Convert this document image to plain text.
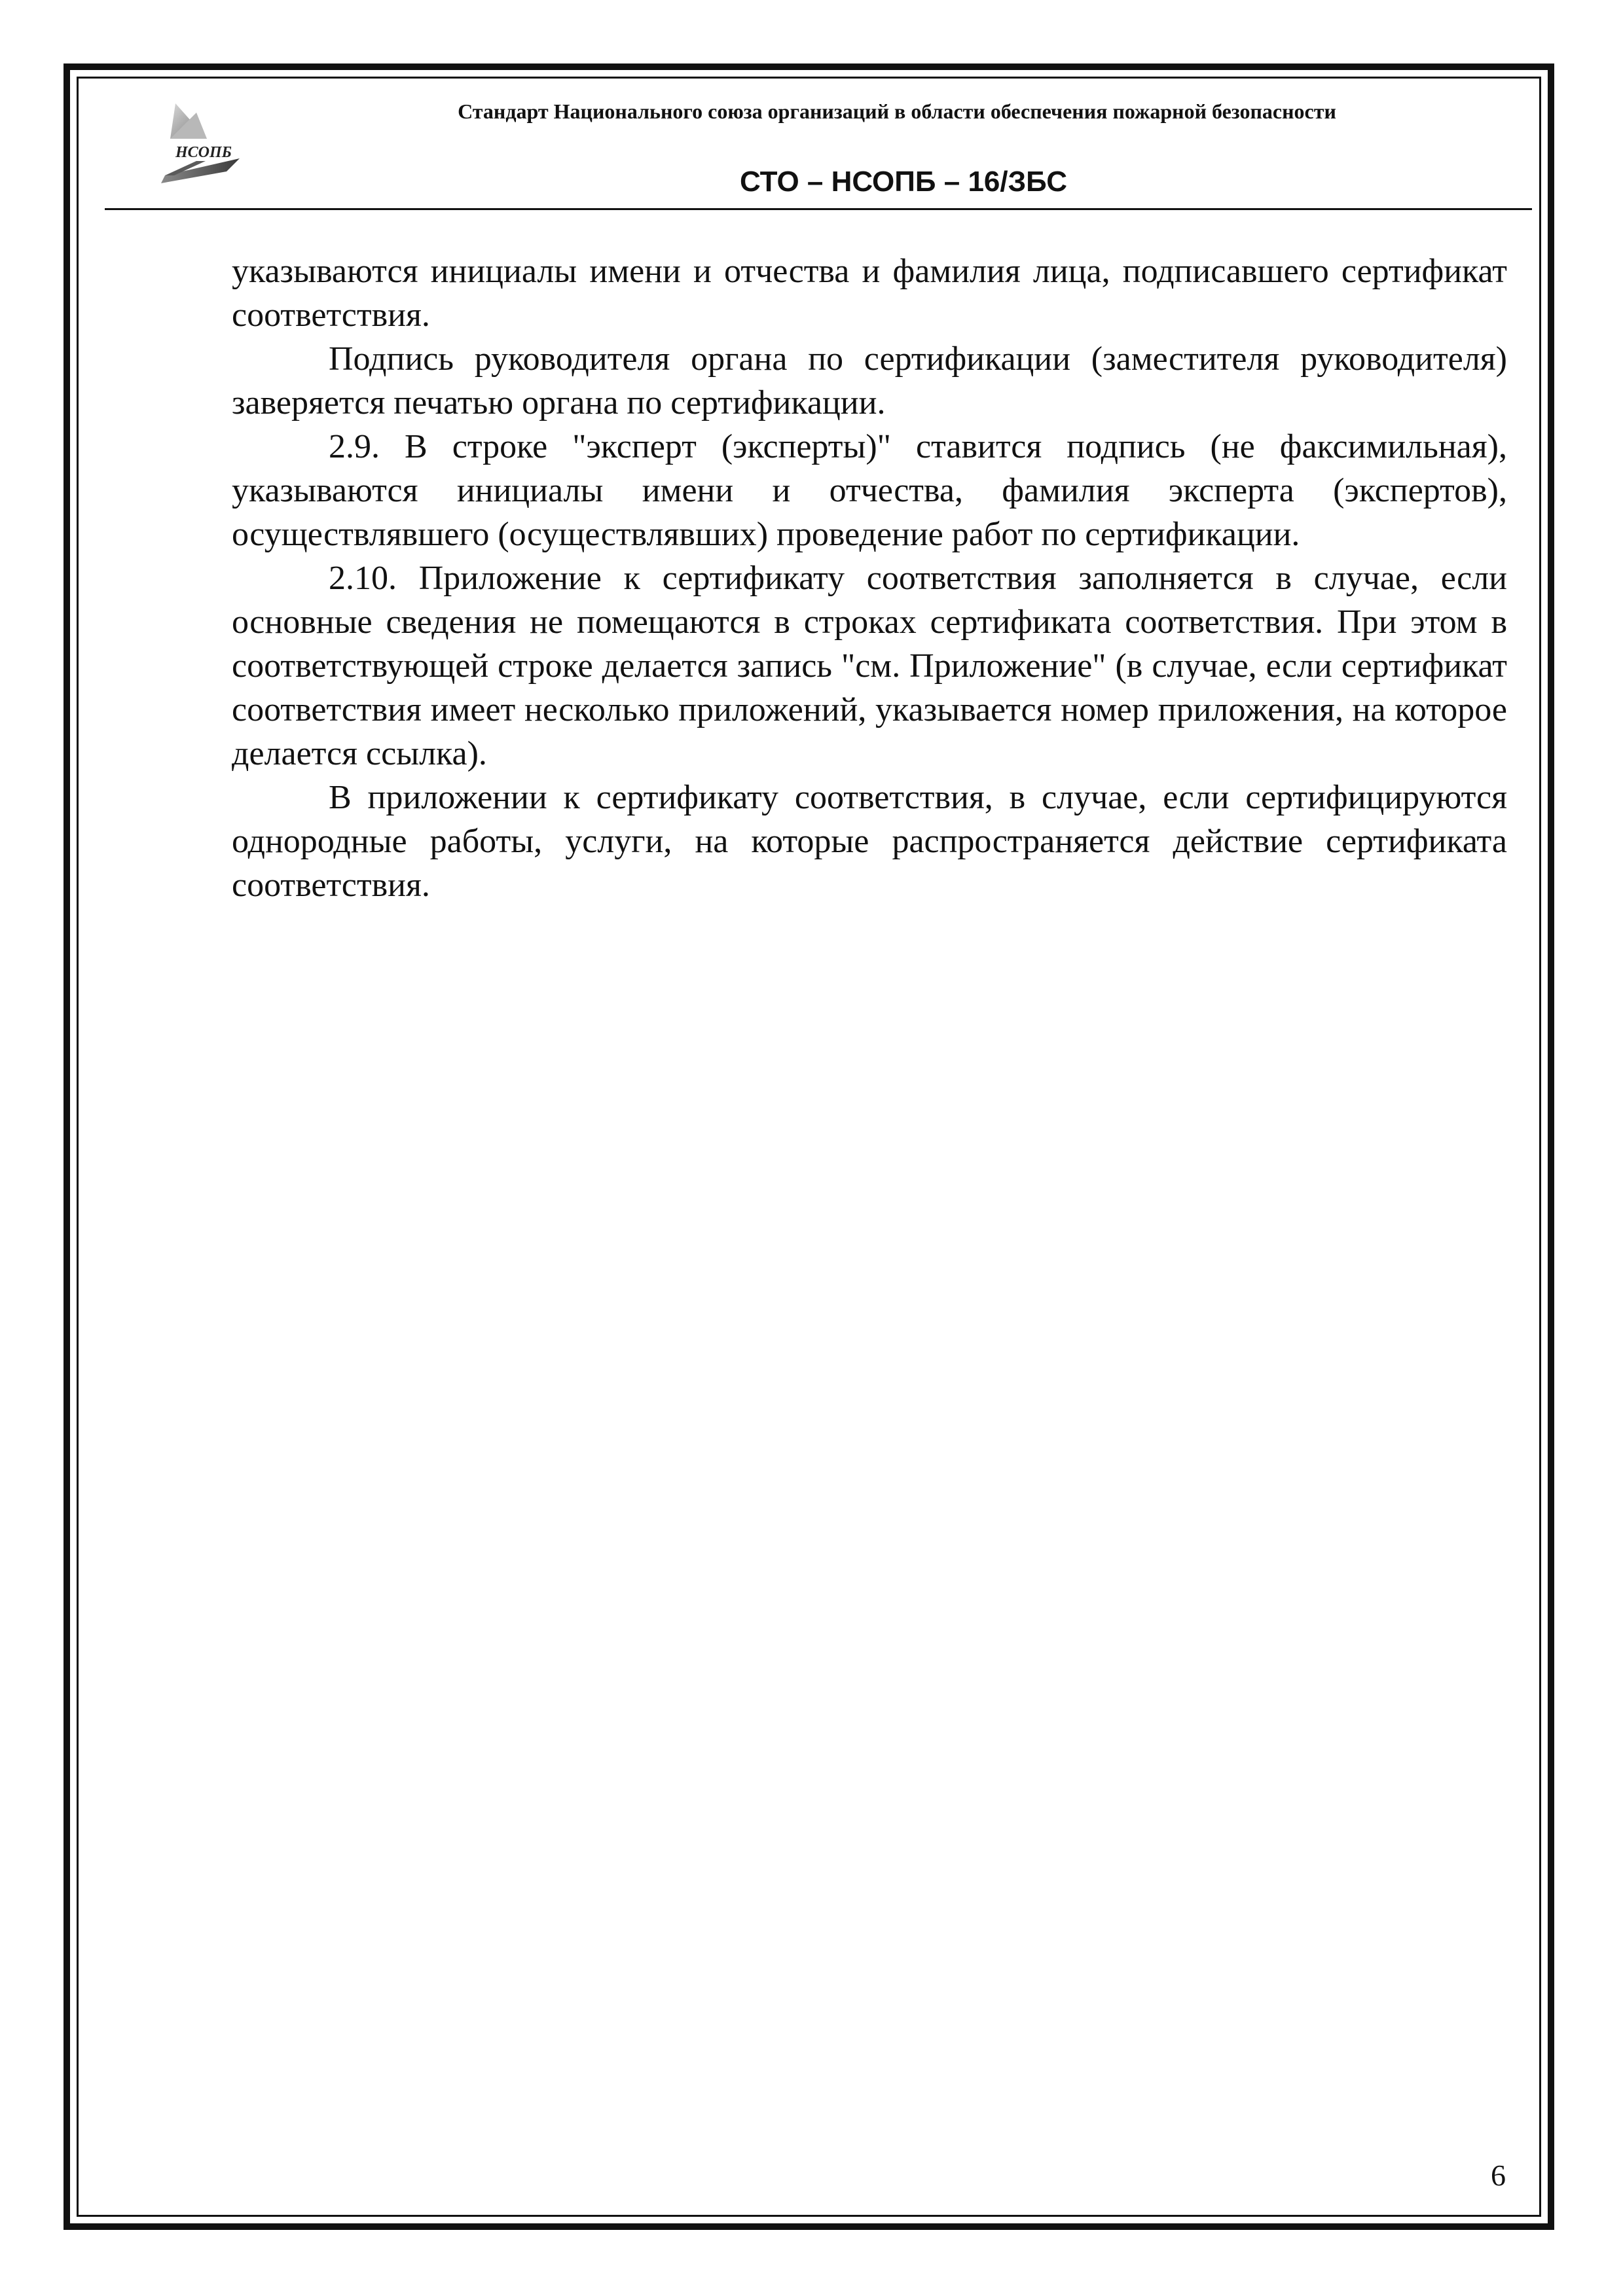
НСОПБ
Стандарт Национального союза организаций в области обеспечения пожарной безопасности
СТО – НСОПБ – 16/ЗБС

указываются инициалы имени и отчества и фамилия лица, подписавшего сертификат соответствия.

Подпись руководителя органа по сертификации (заместителя руководителя) заверяется печатью органа по сертификации.

2.9. В строке "эксперт (эксперты)" ставится подпись (не факсимильная), указываются инициалы имени и отчества, фамилия эксперта (экспертов), осуществлявшего (осуществлявших) проведение работ по сертификации.

2.10. Приложение к сертификату соответствия заполняется в случае, если основные сведения не помещаются в строках сертификата соответствия. При этом в соответствующей строке делается запись "см. Приложение" (в случае, если сертификат соответствия имеет несколько приложений, указывается номер приложения, на которое делается ссылка).

В приложении к сертификату соответствия, в случае, если сертифицируются однородные работы, услуги, на которые распространяется действие сертификата соответствия.

6
